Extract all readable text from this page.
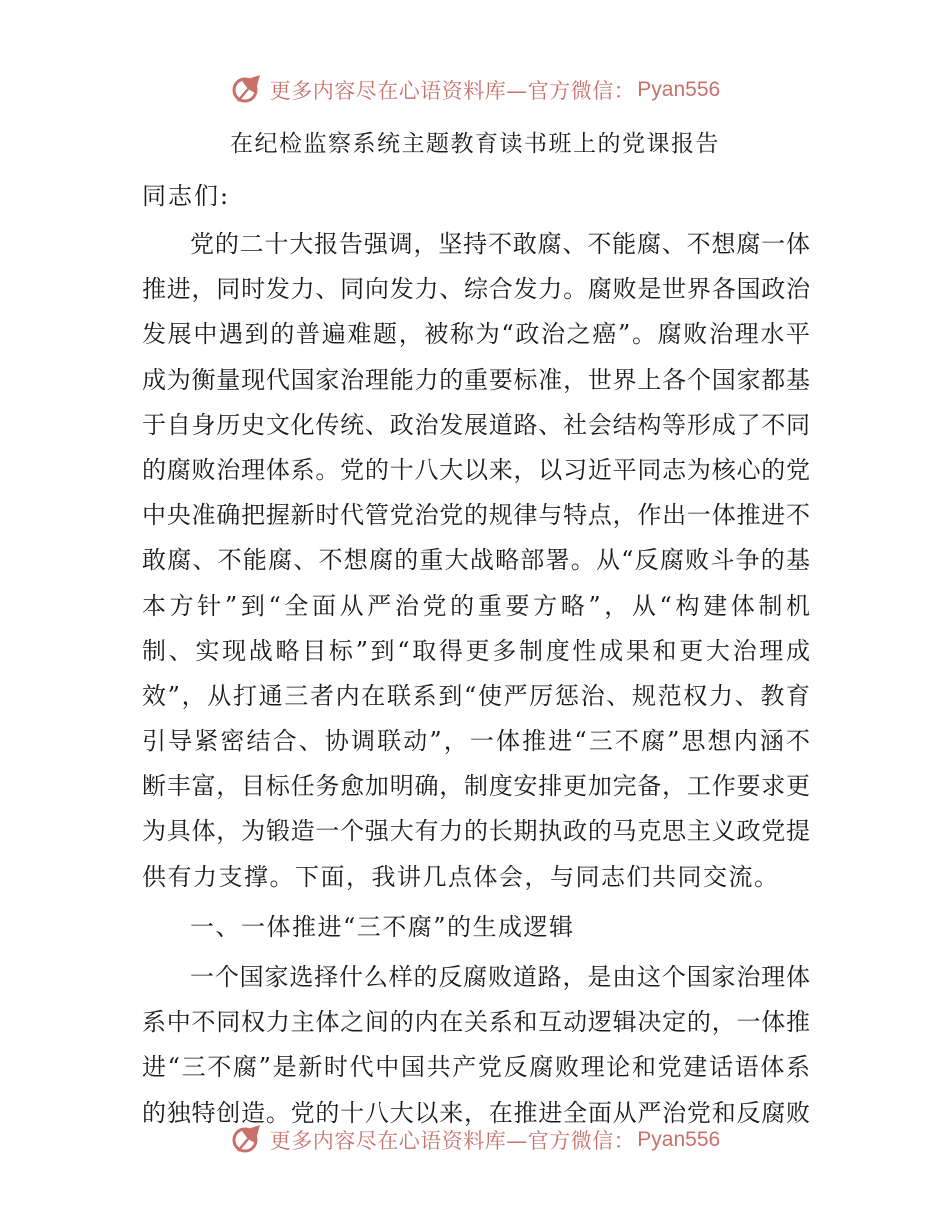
更多内容尽在心语资料库—官方微信： Pyan556
在纪检监察系统主题教育读书班上的党课报告
同志们:
党的二十大报告强调，坚持不敢腐、不能腐、不想腐一体
推进，同时发力、同向发力、综合发力。腐败是世界各国政治
发展中遇到的普遍难题，被称为“政治之癌”。腐败治理水平
成为衡量现代国家治理能力的重要标准，世界上各个国家都基
于自身历史文化传统、政治发展道路、社会结构等形成了不同
的腐败治理体系。党的十八大以来，以习近平同志为核心的党
中央准确把握新时代管党治党的规律与特点，作出一体推进不
敢腐、不能腐、不想腐的重大战略部署。从“反腐败斗争的基
本方针”到“全面从严治党的重要方略”，从“构建体制机
制、实现战略目标”到“取得更多制度性成果和更大治理成
效”，从打通三者内在联系到“使严厉惩治、规范权力、教育
引导紧密结合、协调联动”，一体推进“三不腐”思想内涵不
断丰富，目标任务愈加明确，制度安排更加完备，工作要求更
为具体，为锻造一个强大有力的长期执政的马克思主义政党提
供有力支撑。下面，我讲几点体会，与同志们共同交流。
一、一体推进“三不腐”的生成逻辑
一个国家选择什么样的反腐败道路，是由这个国家治理体
系中不同权力主体之间的内在关系和互动逻辑决定的，一体推
进“三不腐”是新时代中国共产党反腐败理论和党建话语体系
的独特创造。党的十八大以来，在推进全面从严治党和反腐败
更多内容尽在心语资料库—官方微信： Pyan556
